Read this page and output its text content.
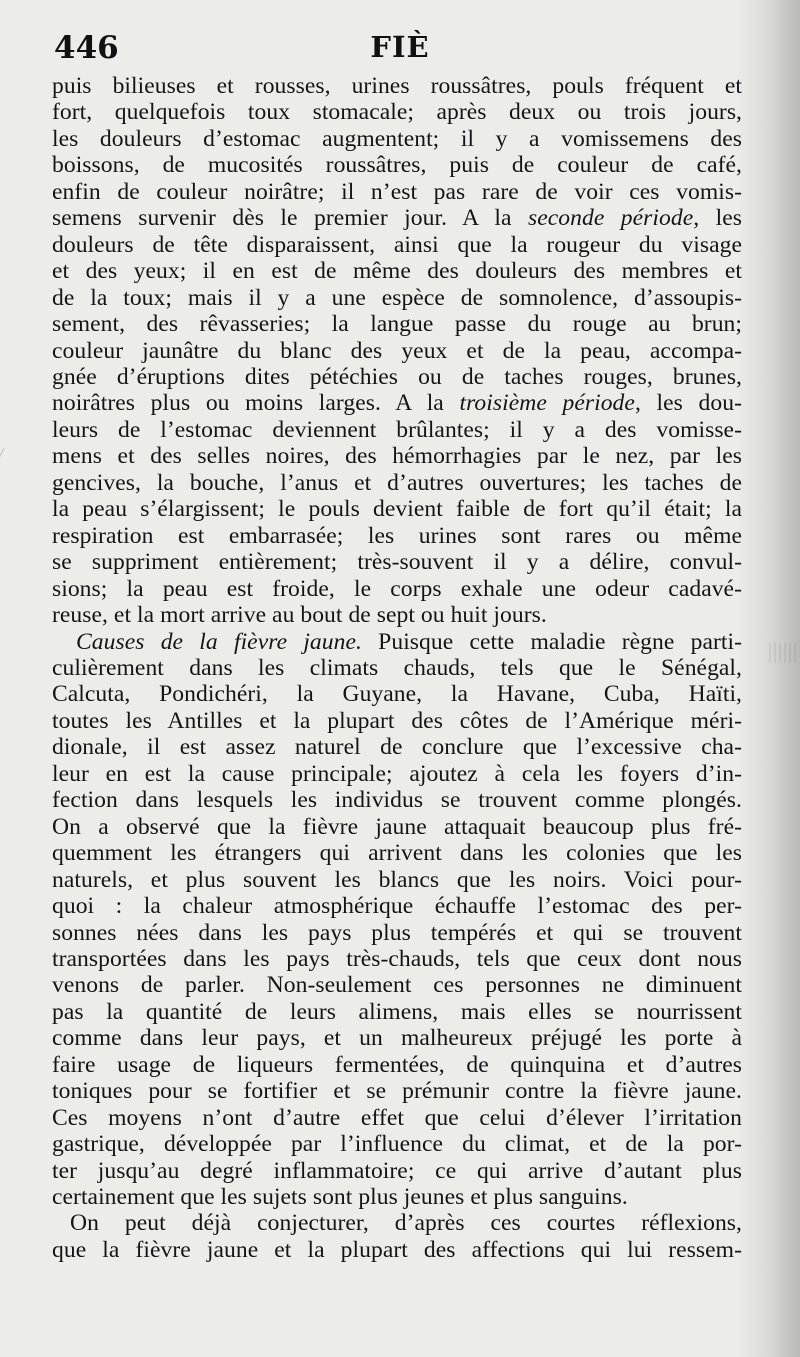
446	FIÈ
puis bilieuses et rousses, urines roussâtres, pouls fréquent et
fort, quelquefois toux stomacale; après deux ou trois jours,
les douleurs d’estomac augmentent; il y a vomissemens des
boissons, de mucosités roussâtres, puis de couleur de café,
enfin de couleur noirâtre; il n’est pas rare de voir ces vomis-
semens survenir dès le premier jour. A la seconde période, les
douleurs de tête disparaissent, ainsi que la rougeur du visage
et des yeux; il en est de même des douleurs des membres et
de la toux; mais il y a une espèce de somnolence, d’assoupis-
sement, des rêvasseries; la langue passe du rouge au brun;
couleur jaunâtre du blanc des yeux et de la peau, accompa-
gnée d’éruptions dites pétéchies ou de taches rouges, brunes,
noirâtres plus ou moins larges. A la troisième période, les dou-
leurs de l’estomac deviennent brûlantes; il y a des vomisse-
mens et des selles noires, des hémorrhagies par le nez, par les
gencives, la bouche, l’anus et d’autres ouvertures; les taches de
la peau s’élargissent; le pouls devient faible de fort qu’il était; la
respiration est embarrasée; les urines sont rares ou même
se suppriment entièrement; très-souvent il y a délire, convul-
sions; la peau est froide, le corps exhale une odeur cadavé-
reuse, et la mort arrive au bout de sept ou huit jours.
Causes de la fièvre jaune. Puisque cette maladie règne parti-
culièrement dans les climats chauds, tels que le Sénégal,
Calcuta, Pondichéri, la Guyane, la Havane, Cuba, Haïti,
toutes les Antilles et la plupart des côtes de l’Amérique méri-
dionale, il est assez naturel de conclure que l’excessive cha-
leur en est la cause principale; ajoutez à cela les foyers d’in-
fection dans lesquels les individus se trouvent comme plongés.
On a observé que la fièvre jaune attaquait beaucoup plus fré-
quemment les étrangers qui arrivent dans les colonies que les
naturels, et plus souvent les blancs que les noirs. Voici pour-
quoi : la chaleur atmosphérique échauffe l’estomac des per-
sonnes nées dans les pays plus tempérés et qui se trouvent
transportées dans les pays très-chauds, tels que ceux dont nous
venons de parler. Non-seulement ces personnes ne diminuent
pas la quantité de leurs alimens, mais elles se nourrissent
comme dans leur pays, et un malheureux préjugé les porte à
faire usage de liqueurs fermentées, de quinquina et d’autres
toniques pour se fortifier et se prémunir contre la fièvre jaune.
Ces moyens n’ont d’autre effet que celui d’élever l’irritation
gastrique, développée par l’influence du climat, et de la por-
ter jusqu’au degré inflammatoire; ce qui arrive d’autant plus
certainement que les sujets sont plus jeunes et plus sanguins.
On peut déjà conjecturer, d’après ces courtes réflexions,
que la fièvre jaune et la plupart des affections qui lui ressem-
